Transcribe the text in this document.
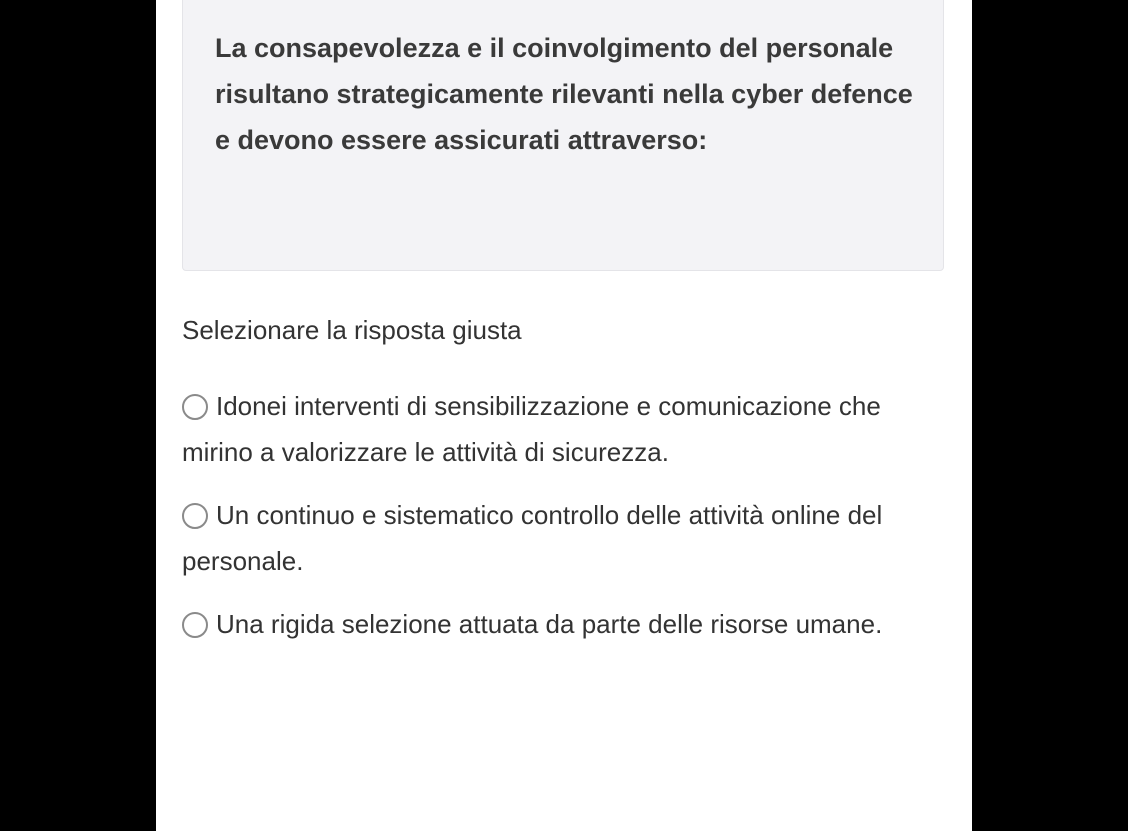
La consapevolezza e il coinvolgimento del personale risultano strategicamente rilevanti nella cyber defence e devono essere assicurati attraverso:

Selezionare la risposta giusta

Idonei interventi di sensibilizzazione e comunicazione che mirino a valorizzare le attività di sicurezza.
Un continuo e sistematico controllo delle attività online del personale.
Una rigida selezione attuata da parte delle risorse umane.
